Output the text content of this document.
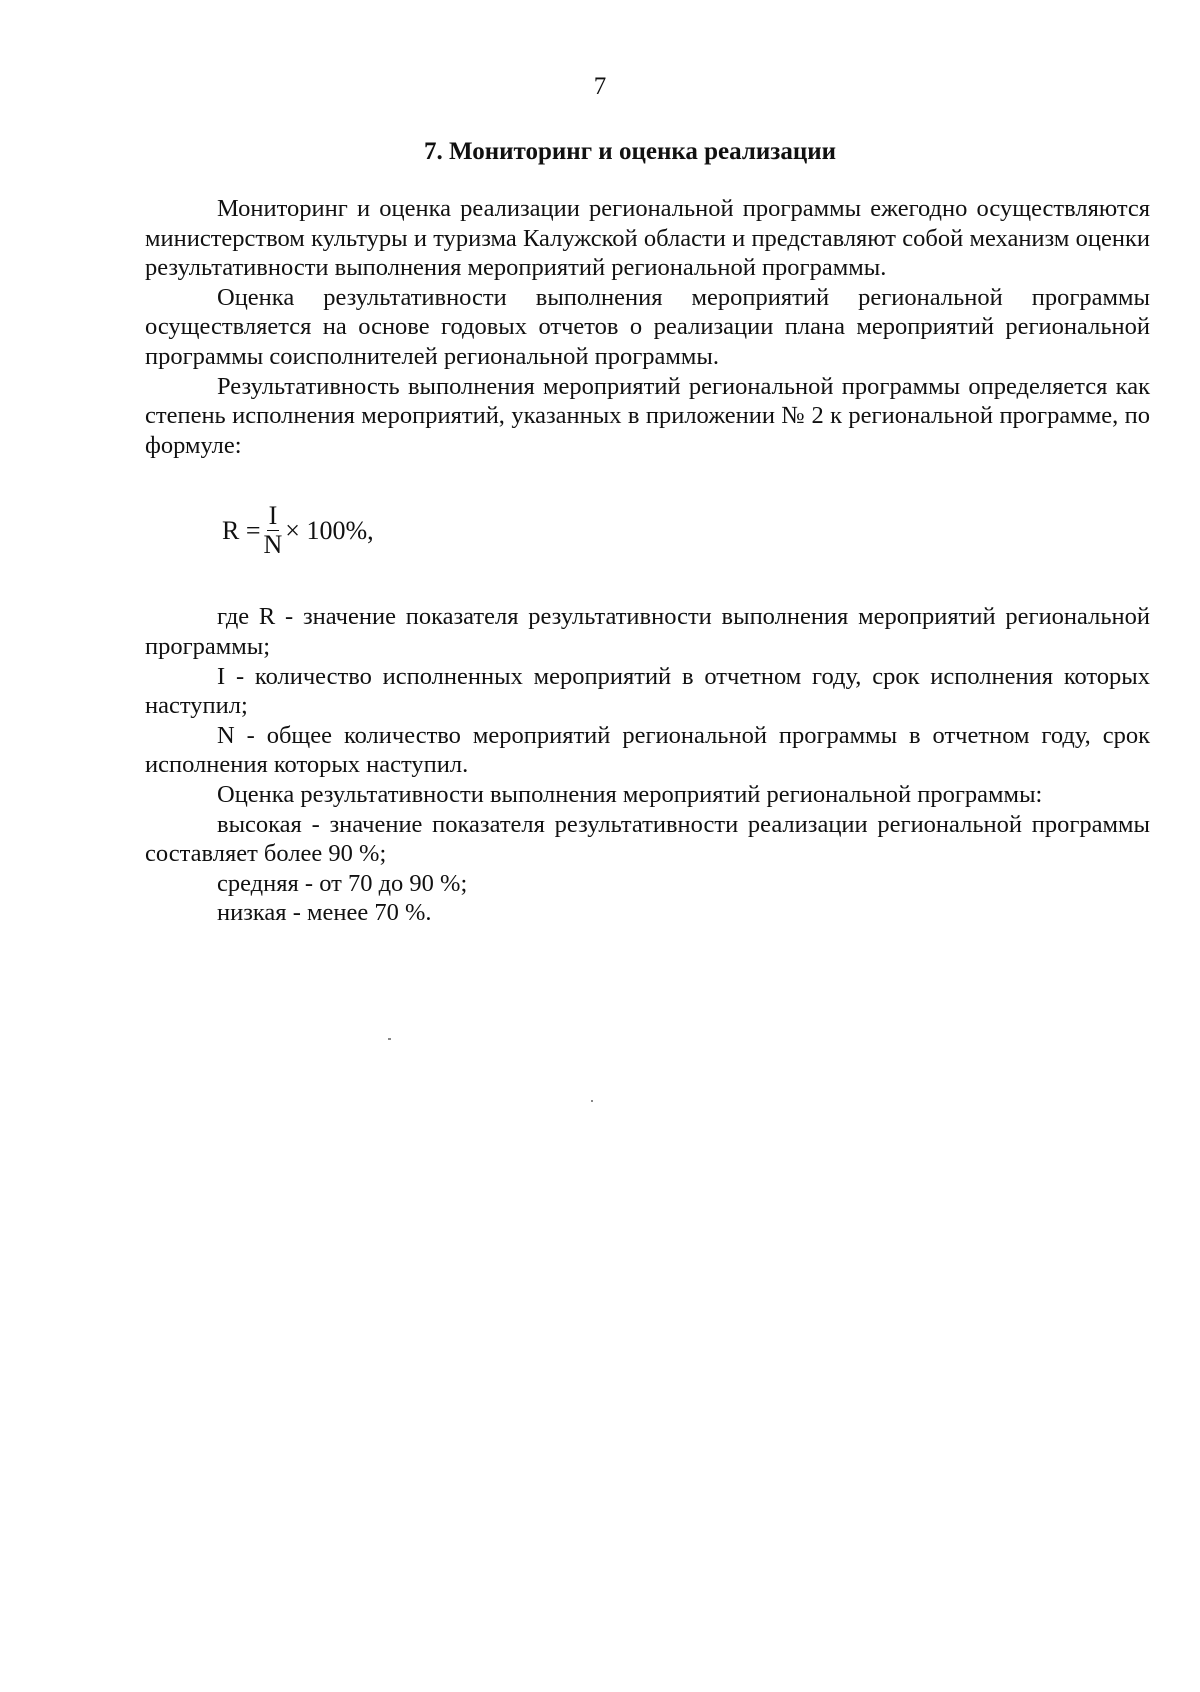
7
7. Мониторинг и оценка реализации

Мониторинг и оценка реализации региональной программы ежегодно осуществляются министерством культуры и туризма Калужской области и представляют собой механизм оценки результативности выполнения мероприятий региональной программы.

Оценка результативности выполнения мероприятий региональной программы осуществляется на основе годовых отчетов о реализации плана мероприятий региональной программы соисполнителей региональной программы.

Результативность выполнения мероприятий региональной программы определяется как степень исполнения мероприятий, указанных в приложении № 2 к региональной программе, по формуле:

$R = \frac{I}{N} \times 100\%$,

где R - значение показателя результативности выполнения мероприятий региональной программы;

I - количество исполненных мероприятий в отчетном году, срок исполнения которых наступил;

N - общее количество мероприятий региональной программы в отчетном году, срок исполнения которых наступил.

Оценка результативности выполнения мероприятий региональной программы:

высокая - значение показателя результативности реализации региональной программы составляет более 90 %;

средняя - от 70 до 90 %;

низкая - менее 70 %.
